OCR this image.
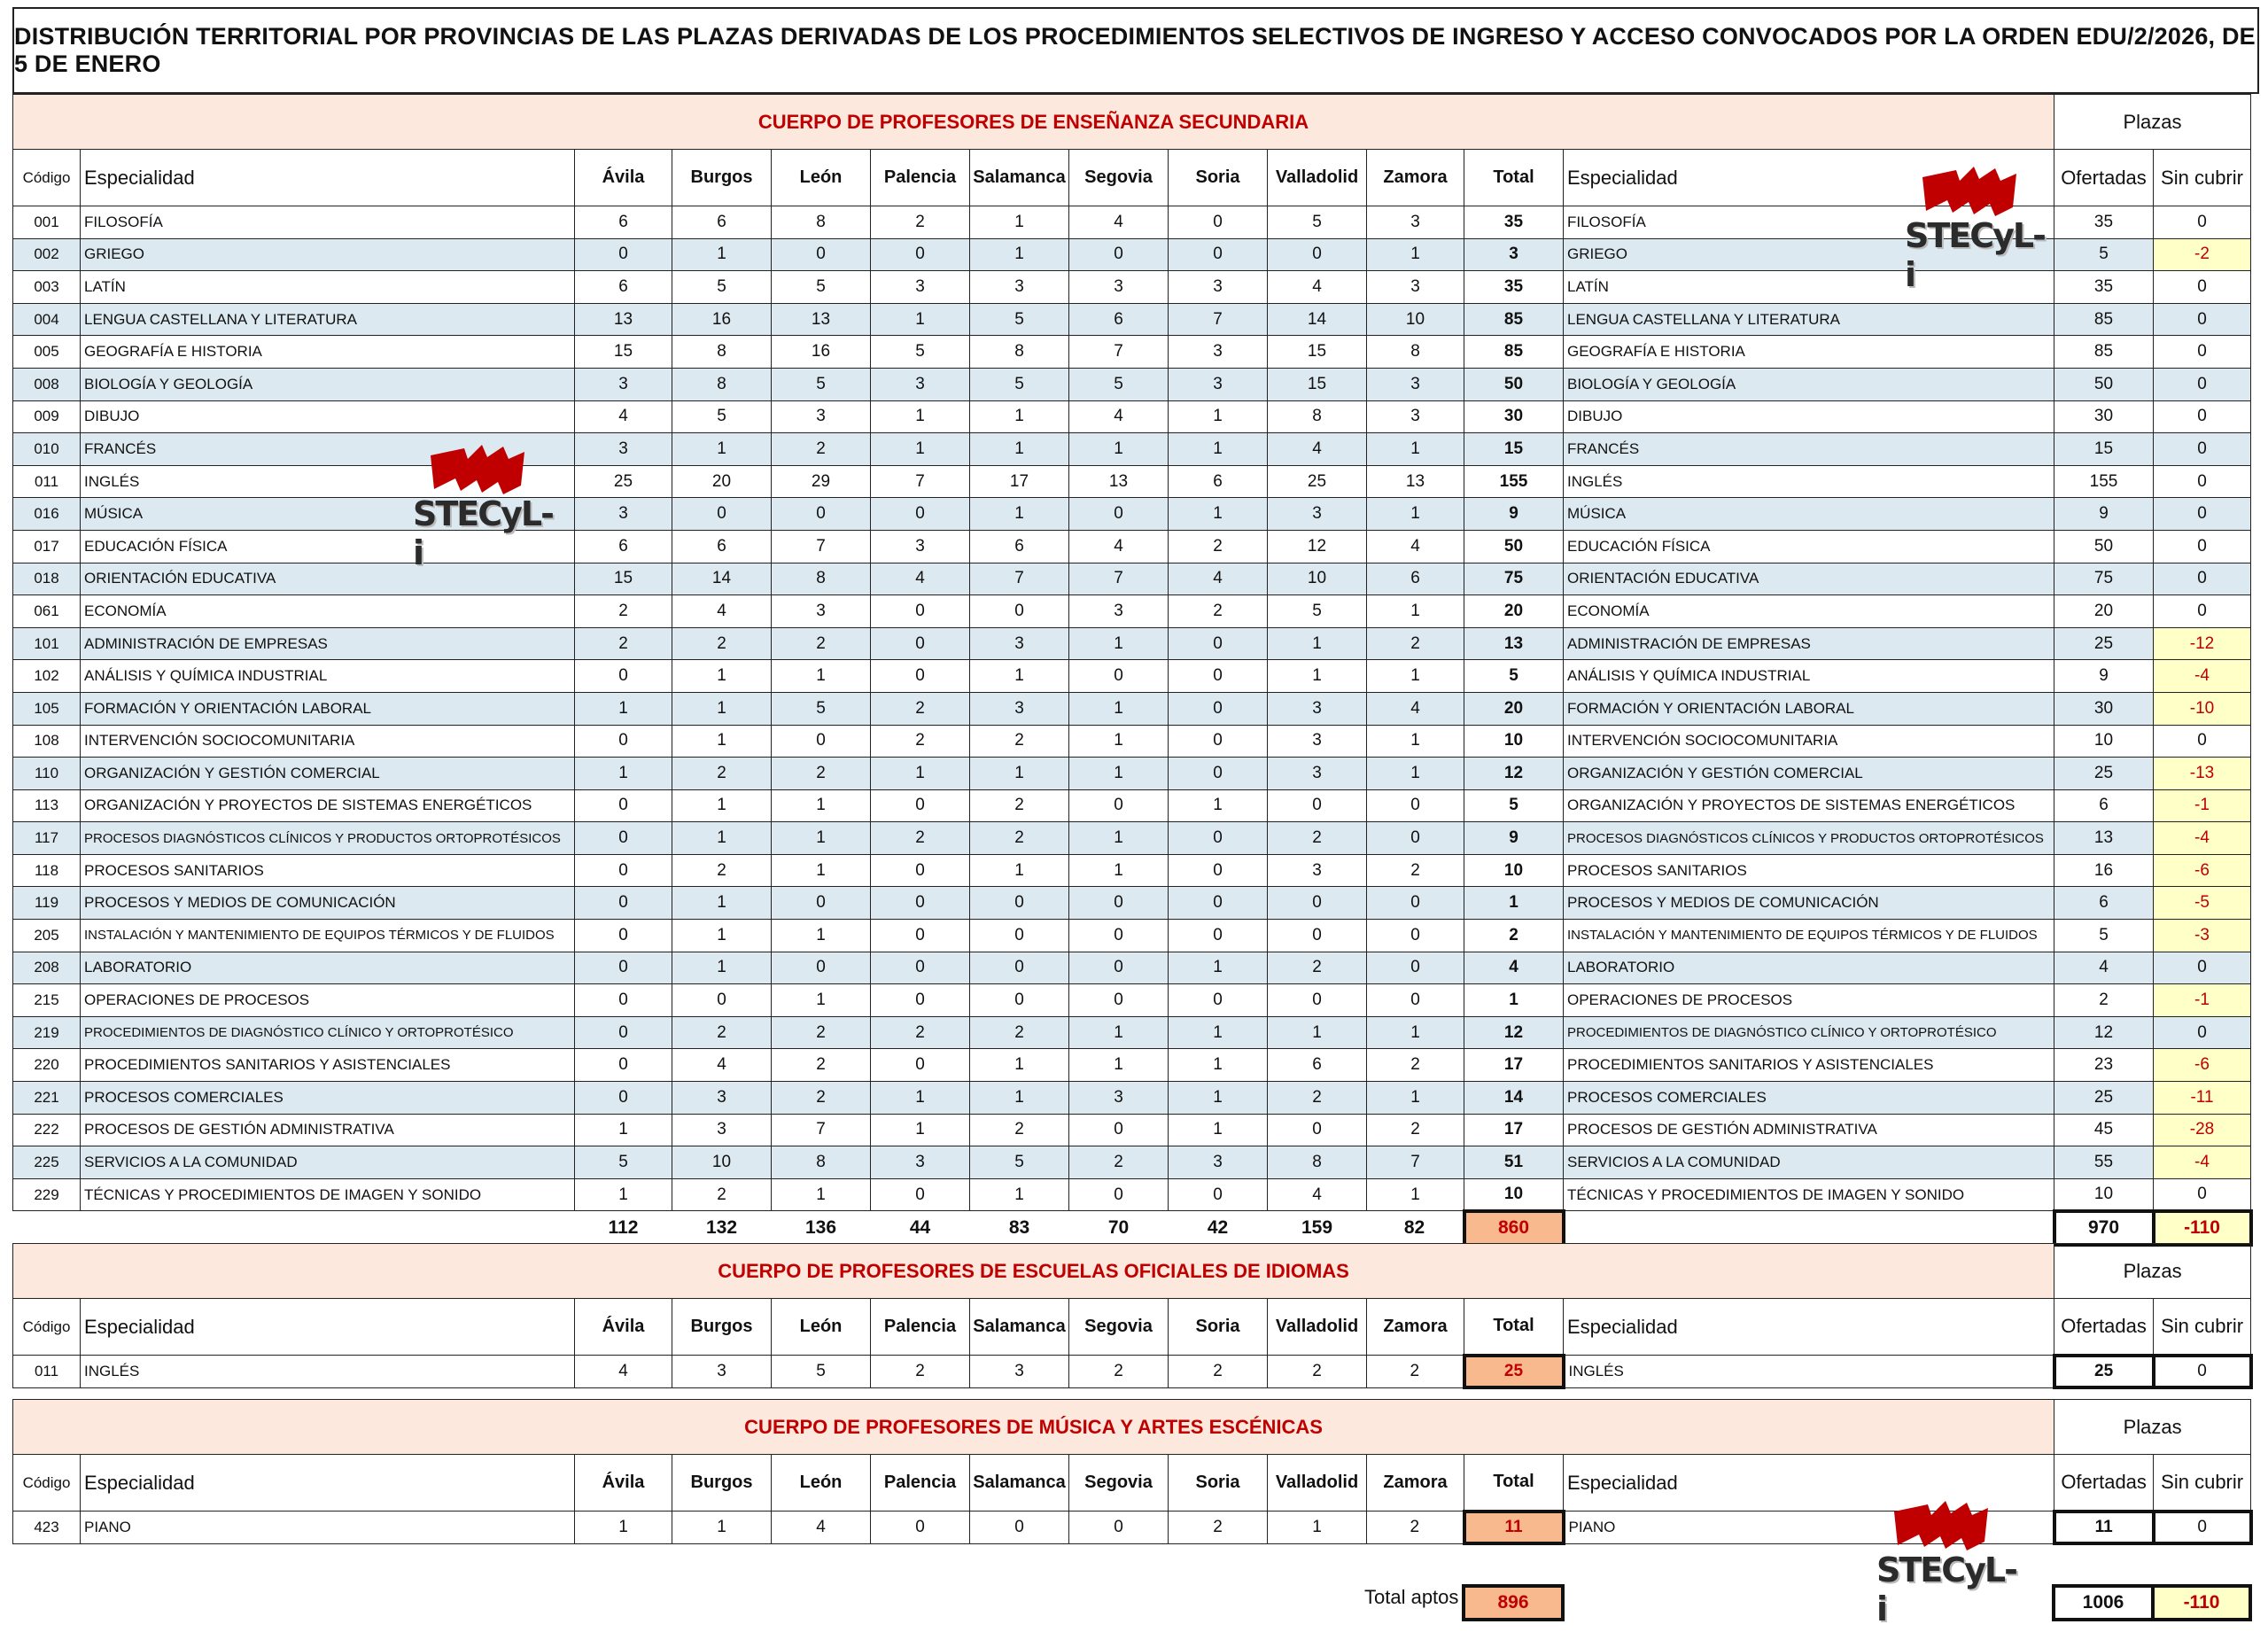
DISTRIBUCIÓN TERRITORIAL POR PROVINCIAS DE LAS PLAZAS DERIVADAS DE LOS PROCEDIMIENTOS SELECTIVOS DE INGRESO Y ACCESO CONVOCADOS POR LA ORDEN EDU/2/2026, DE 5 DE ENERO
CUERPO DE PROFESORES DE ENSEÑANZA SECUNDARIA													Plazas	
Código	Especialidad	Ávila	Burgos	León	Palencia	Salamanca	Segovia	Soria	Valladolid	Zamora	Total	Especialidad	Ofertadas	Sin cubrir
001	FILOSOFÍA	6	6	8	2	1	4	0	5	3	35	FILOSOFÍA	35	0
002	GRIEGO	0	1	0	0	1	0	0	0	1	3	GRIEGO	5	-2
003	LATÍN	6	5	5	3	3	3	3	4	3	35	LATÍN	35	0
004	LENGUA CASTELLANA Y LITERATURA	13	16	13	1	5	6	7	14	10	85	LENGUA CASTELLANA Y LITERATURA	85	0
005	GEOGRAFÍA E HISTORIA	15	8	16	5	8	7	3	15	8	85	GEOGRAFÍA E HISTORIA	85	0
008	BIOLOGÍA Y GEOLOGÍA	3	8	5	3	5	5	3	15	3	50	BIOLOGÍA Y GEOLOGÍA	50	0
009	DIBUJO	4	5	3	1	1	4	1	8	3	30	DIBUJO	30	0
010	FRANCÉS	3	1	2	1	1	1	1	4	1	15	FRANCÉS	15	0
011	INGLÉS	25	20	29	7	17	13	6	25	13	155	INGLÉS	155	0
016	MÚSICA	3	0	0	0	1	0	1	3	1	9	MÚSICA	9	0
017	EDUCACIÓN FÍSICA	6	6	7	3	6	4	2	12	4	50	EDUCACIÓN FÍSICA	50	0
018	ORIENTACIÓN EDUCATIVA	15	14	8	4	7	7	4	10	6	75	ORIENTACIÓN EDUCATIVA	75	0
061	ECONOMÍA	2	4	3	0	0	3	2	5	1	20	ECONOMÍA	20	0
101	ADMINISTRACIÓN DE EMPRESAS	2	2	2	0	3	1	0	1	2	13	ADMINISTRACIÓN DE EMPRESAS	25	-12
102	ANÁLISIS Y QUÍMICA INDUSTRIAL	0	1	1	0	1	0	0	1	1	5	ANÁLISIS Y QUÍMICA INDUSTRIAL	9	-4
105	FORMACIÓN Y ORIENTACIÓN LABORAL	1	1	5	2	3	1	0	3	4	20	FORMACIÓN Y ORIENTACIÓN LABORAL	30	-10
108	INTERVENCIÓN SOCIOCOMUNITARIA	0	1	0	2	2	1	0	3	1	10	INTERVENCIÓN SOCIOCOMUNITARIA	10	0
110	ORGANIZACIÓN Y GESTIÓN COMERCIAL	1	2	2	1	1	1	0	3	1	12	ORGANIZACIÓN Y GESTIÓN COMERCIAL	25	-13
113	ORGANIZACIÓN Y PROYECTOS DE SISTEMAS ENERGÉTICOS	0	1	1	0	2	0	1	0	0	5	ORGANIZACIÓN Y PROYECTOS DE SISTEMAS ENERGÉTICOS	6	-1
117	PROCESOS DIAGNÓSTICOS CLÍNICOS Y PRODUCTOS ORTOPROTÉSICOS	0	1	1	2	2	1	0	2	0	9	PROCESOS DIAGNÓSTICOS CLÍNICOS Y PRODUCTOS ORTOPROTÉSICOS	13	-4
118	PROCESOS SANITARIOS	0	2	1	0	1	1	0	3	2	10	PROCESOS SANITARIOS	16	-6
119	PROCESOS Y MEDIOS DE COMUNICACIÓN	0	1	0	0	0	0	0	0	0	1	PROCESOS Y MEDIOS DE COMUNICACIÓN	6	-5
205	INSTALACIÓN Y MANTENIMIENTO DE EQUIPOS TÉRMICOS Y DE FLUIDOS	0	1	1	0	0	0	0	0	0	2	INSTALACIÓN Y MANTENIMIENTO DE EQUIPOS TÉRMICOS Y DE FLUIDOS	5	-3
208	LABORATORIO	0	1	0	0	0	0	1	2	0	4	LABORATORIO	4	0
215	OPERACIONES DE PROCESOS	0	0	1	0	0	0	0	0	0	1	OPERACIONES DE PROCESOS	2	-1
219	PROCEDIMIENTOS DE DIAGNÓSTICO CLÍNICO Y ORTOPROTÉSICO	0	2	2	2	2	1	1	1	1	12	PROCEDIMIENTOS DE DIAGNÓSTICO CLÍNICO Y ORTOPROTÉSICO	12	0
220	PROCEDIMIENTOS SANITARIOS Y ASISTENCIALES	0	4	2	0	1	1	1	6	2	17	PROCEDIMIENTOS SANITARIOS Y ASISTENCIALES	23	-6
221	PROCESOS COMERCIALES	0	3	2	1	1	3	1	2	1	14	PROCESOS COMERCIALES	25	-11
222	PROCESOS DE GESTIÓN ADMINISTRATIVA	1	3	7	1	2	0	1	0	2	17	PROCESOS DE GESTIÓN ADMINISTRATIVA	45	-28
225	SERVICIOS A LA COMUNIDAD	5	10	8	3	5	2	3	8	7	51	SERVICIOS A LA COMUNIDAD	55	-4
229	TÉCNICAS Y PROCEDIMIENTOS DE IMAGEN Y SONIDO	1	2	1	0	1	0	0	4	1	10	TÉCNICAS Y PROCEDIMIENTOS DE IMAGEN Y SONIDO	10	0
		112	132	136	44	83	70	42	159	82	860		970	-110
CUERPO DE PROFESORES DE ESCUELAS OFICIALES DE IDIOMAS													Plazas	
Código	Especialidad	Ávila	Burgos	León	Palencia	Salamanca	Segovia	Soria	Valladolid	Zamora	Total	Especialidad	Ofertadas	Sin cubrir
011	INGLÉS	4	3	5	2	3	2	2	2	2	25	INGLÉS	25	0
CUERPO DE PROFESORES DE MÚSICA Y ARTES ESCÉNICAS													Plazas	
Código	Especialidad	Ávila	Burgos	León	Palencia	Salamanca	Segovia	Soria	Valladolid	Zamora	Total	Especialidad	Ofertadas	Sin cubrir
423	PIANO	1	1	4	0	0	0	2	1	2	11	PIANO	11	0
Total aptos
											896		1006	-110
STECyL-i
STECyL-i
STECyL-i
